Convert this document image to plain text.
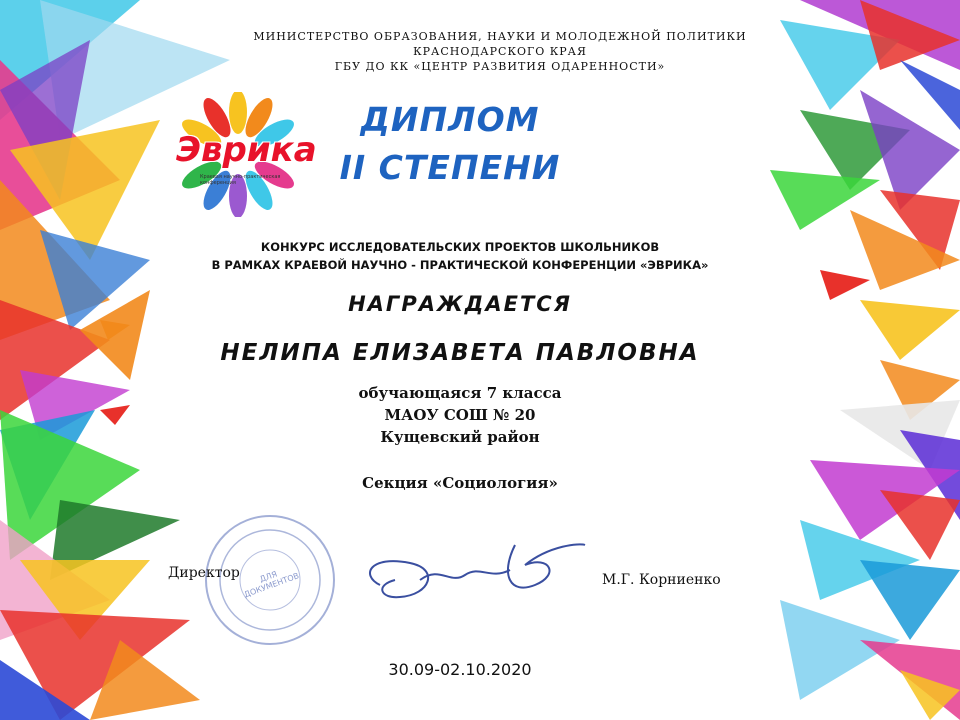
МИНИСТЕРСТВО ОБРАЗОВАНИЯ, НАУКИ И МОЛОДЕЖНОЙ ПОЛИТИКИ
КРАСНОДАРСКОГО КРАЯ
ГБУ ДО КК «ЦЕНТР РАЗВИТИЯ ОДАРЕННОСТИ»
Эврика
Краевая научно-практическая конференция
ДИПЛОМ
II СТЕПЕНИ
КОНКУРС ИССЛЕДОВАТЕЛЬСКИХ ПРОЕКТОВ ШКОЛЬНИКОВ
В РАМКАХ КРАЕВОЙ НАУЧНО - ПРАКТИЧЕСКОЙ КОНФЕРЕНЦИИ «ЭВРИКА»
НАГРАЖДАЕТСЯ
НЕЛИПА ЕЛИЗАВЕТА ПАВЛОВНА
обучающаяся 7 класса
МАОУ СОШ № 20
Кущевский район
Секция «Социология»
ДЛЯ ДОКУМЕНТОВ
Директор	М.Г. Корниенко
30.09-02.10.2020
